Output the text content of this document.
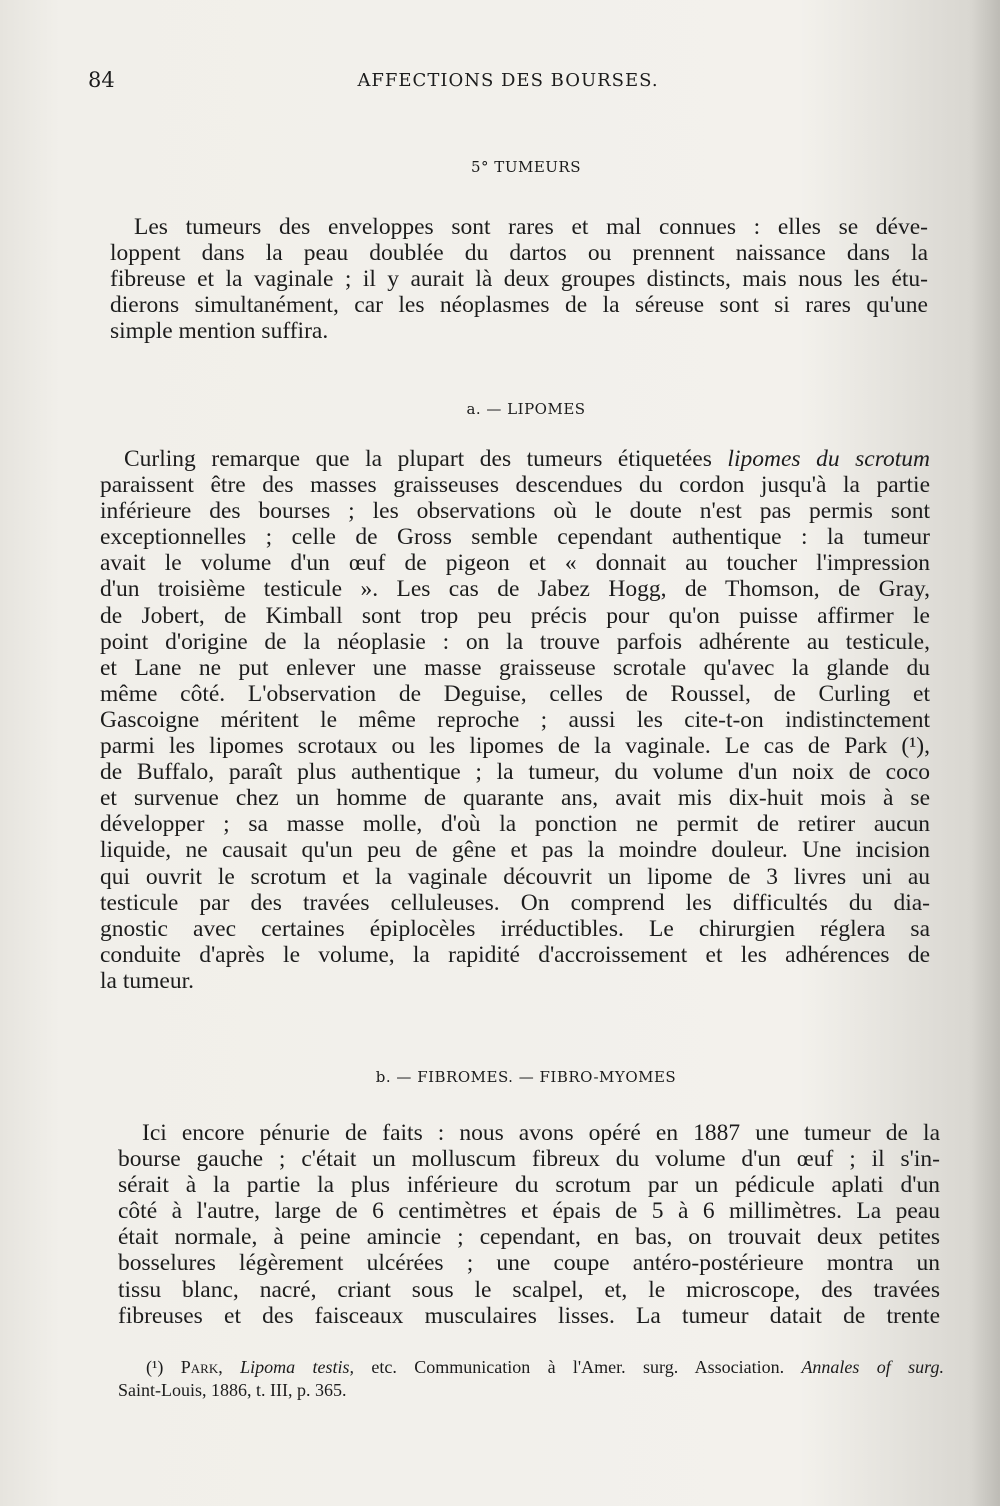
84	AFFECTIONS DES BOURSES.
5° TUMEURS
Les tumeurs des enveloppes sont rares et mal connues : elles se déve-
loppent dans la peau doublée du dartos ou prennent naissance dans la
fibreuse et la vaginale ; il y aurait là deux groupes distincts, mais nous les étu-
dierons simultanément, car les néoplasmes de la séreuse sont si rares qu'une
simple mention suffira.
a. — LIPOMES
Curling remarque que la plupart des tumeurs étiquetées lipomes du scrotum
paraissent être des masses graisseuses descendues du cordon jusqu'à la partie
inférieure des bourses ; les observations où le doute n'est pas permis sont
exceptionnelles ; celle de Gross semble cependant authentique : la tumeur
avait le volume d'un œuf de pigeon et « donnait au toucher l'impression
d'un troisième testicule ». Les cas de Jabez Hogg, de Thomson, de Gray,
de Jobert, de Kimball sont trop peu précis pour qu'on puisse affirmer le
point d'origine de la néoplasie : on la trouve parfois adhérente au testicule,
et Lane ne put enlever une masse graisseuse scrotale qu'avec la glande du
même côté. L'observation de Deguise, celles de Roussel, de Curling et
Gascoigne méritent le même reproche ; aussi les cite-t-on indistinctement
parmi les lipomes scrotaux ou les lipomes de la vaginale. Le cas de Park (¹),
de Buffalo, paraît plus authentique ; la tumeur, du volume d'un noix de coco
et survenue chez un homme de quarante ans, avait mis dix-huit mois à se
développer ; sa masse molle, d'où la ponction ne permit de retirer aucun
liquide, ne causait qu'un peu de gêne et pas la moindre douleur. Une incision
qui ouvrit le scrotum et la vaginale découvrit un lipome de 3 livres uni au
testicule par des travées celluleuses. On comprend les difficultés du dia-
gnostic avec certaines épiplocèles irréductibles. Le chirurgien réglera sa
conduite d'après le volume, la rapidité d'accroissement et les adhérences de
la tumeur.
b. — FIBROMES. — FIBRO-MYOMES
Ici encore pénurie de faits : nous avons opéré en 1887 une tumeur de la
bourse gauche ; c'était un molluscum fibreux du volume d'un œuf ; il s'in-
sérait à la partie la plus inférieure du scrotum par un pédicule aplati d'un
côté à l'autre, large de 6 centimètres et épais de 5 à 6 millimètres. La peau
était normale, à peine amincie ; cependant, en bas, on trouvait deux petites
bosselures légèrement ulcérées ; une coupe antéro-postérieure montra un
tissu blanc, nacré, criant sous le scalpel, et, le microscope, des travées
fibreuses et des faisceaux musculaires lisses. La tumeur datait de trente
(¹) Park, Lipoma testis, etc. Communication à l'Amer. surg. Association. Annales of surg.
Saint-Louis, 1886, t. III, p. 365.
